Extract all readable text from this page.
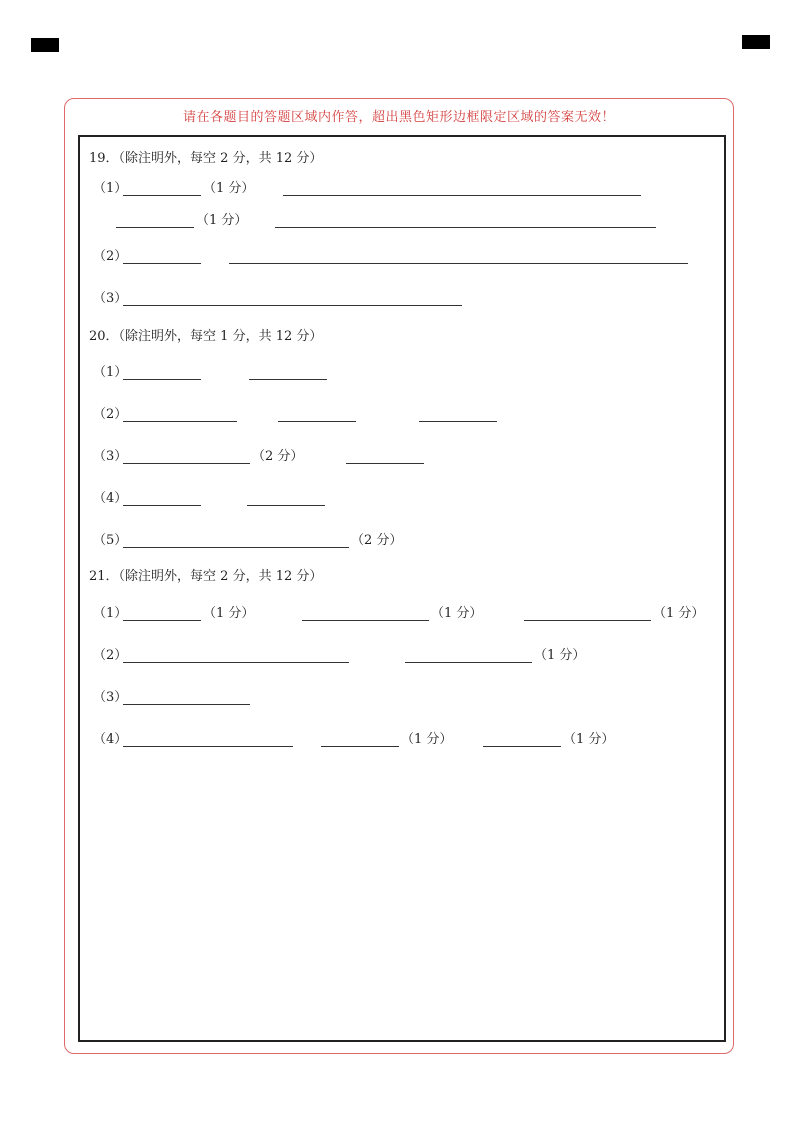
请在各题目的答题区域内作答，超出黑色矩形边框限定区域的答案无效！
19．（除注明外，每空 2 分，共 12 分）
（1）	（1 分）
（1 分）
（2）
（3）
20．（除注明外，每空 1 分，共 12 分）
（1）
（2）
（3）	（2 分）
（4）
（5）	（2 分）
21．（除注明外，每空 2 分，共 12 分）
（1）	（1 分）	（1 分）	（1 分）
（2）	（1 分）
（3）
（4）	（1 分）	（1 分）
